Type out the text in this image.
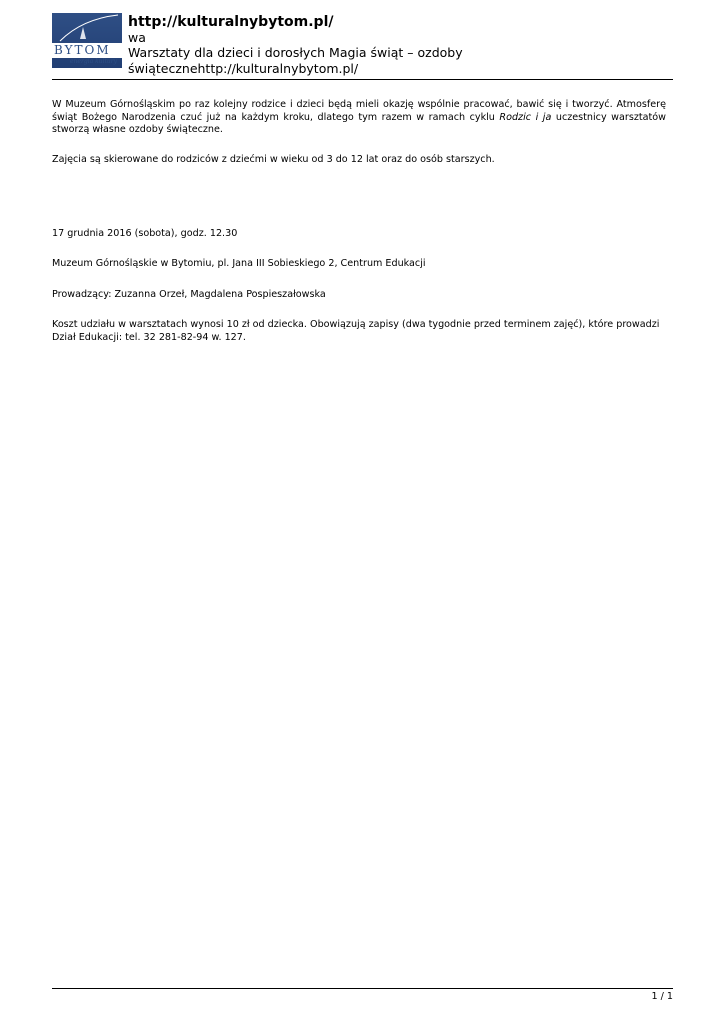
BYTOM
energia kultury
http://kulturalnybytom.pl/
wa
Warsztaty dla dzieci i dorosłych Magia świąt – ozdoby
świątecznehttp://kulturalnybytom.pl/
W Muzeum Górnośląskim po raz kolejny rodzice i dzieci będą mieli okazję wspólnie pracować, bawić się i tworzyć. Atmosferę świąt Bożego Narodzenia czuć już na każdym kroku, dlatego tym razem w ramach cyklu Rodzic i ja uczestnicy warsztatów stworzą własne ozdoby świąteczne.
Zajęcia są skierowane do rodziców z dziećmi w wieku od 3 do 12 lat oraz do osób starszych.
17 grudnia 2016 (sobota), godz. 12.30
Muzeum Górnośląskie w Bytomiu, pl. Jana III Sobieskiego 2, Centrum Edukacji
Prowadzący: Zuzanna Orzeł, Magdalena Pospieszałowska
Koszt udziału w warsztatach wynosi 10 zł od dziecka. Obowiązują zapisy (dwa tygodnie przed terminem zajęć), które prowadzi Dział Edukacji: tel. 32 281-82-94 w. 127.
1 / 1
